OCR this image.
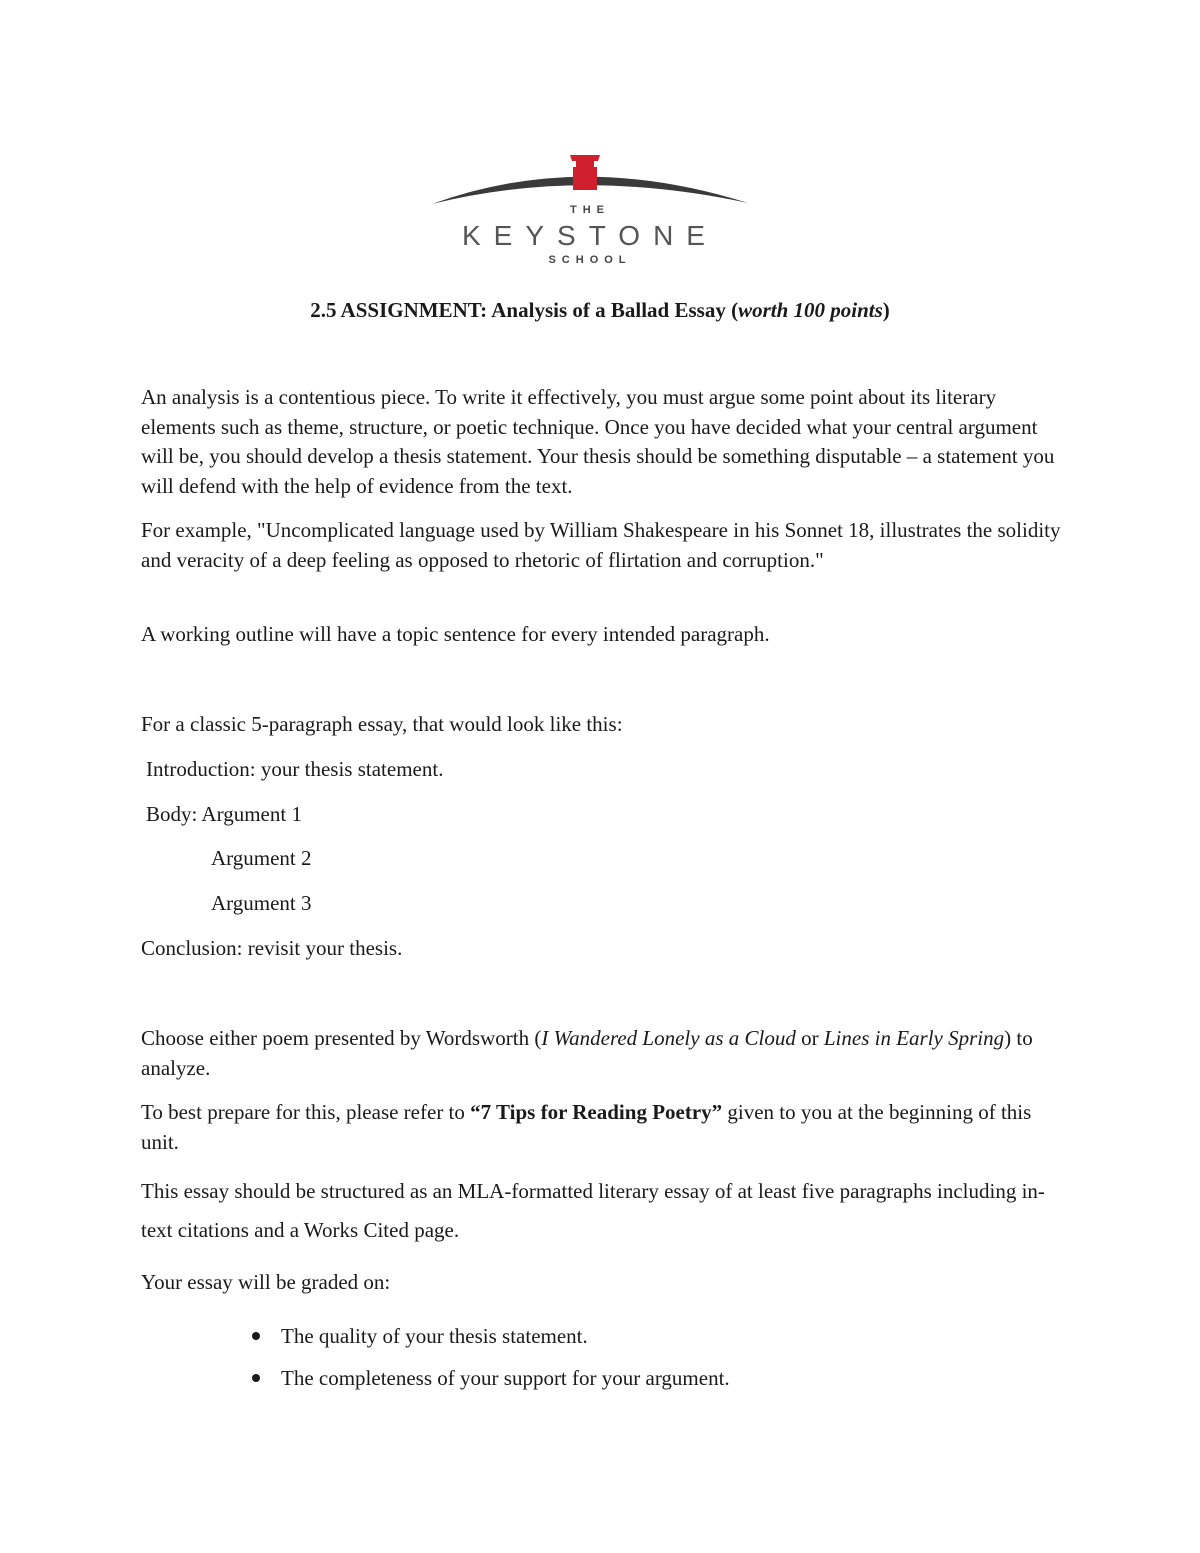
THE
KEYSTONE
SCHOOL
2.5 ASSIGNMENT: Analysis of a Ballad Essay (worth 100 points)

An analysis is a contentious piece. To write it effectively, you must argue some point about its literary elements such as theme, structure, or poetic technique. Once you have decided what your central argument will be, you should develop a thesis statement. Your thesis should be something disputable – a statement you will defend with the help of evidence from the text.

For example, "Uncomplicated language used by William Shakespeare in his Sonnet 18, illustrates the solidity and veracity of a deep feeling as opposed to rhetoric of flirtation and corruption."

A working outline will have a topic sentence for every intended paragraph.

For a classic 5-paragraph essay, that would look like this:

Introduction: your thesis statement.

Body: Argument 1

Argument 2

Argument 3

Conclusion: revisit your thesis.

Choose either poem presented by Wordsworth (I Wandered Lonely as a Cloud or Lines in Early Spring) to analyze.

To best prepare for this, please refer to “7 Tips for Reading Poetry” given to you at the beginning of this unit.

This essay should be structured as an MLA-formatted literary essay of at least five paragraphs including in-text citations and a Works Cited page.

Your essay will be graded on:

The quality of your thesis statement.
The completeness of your support for your argument.
